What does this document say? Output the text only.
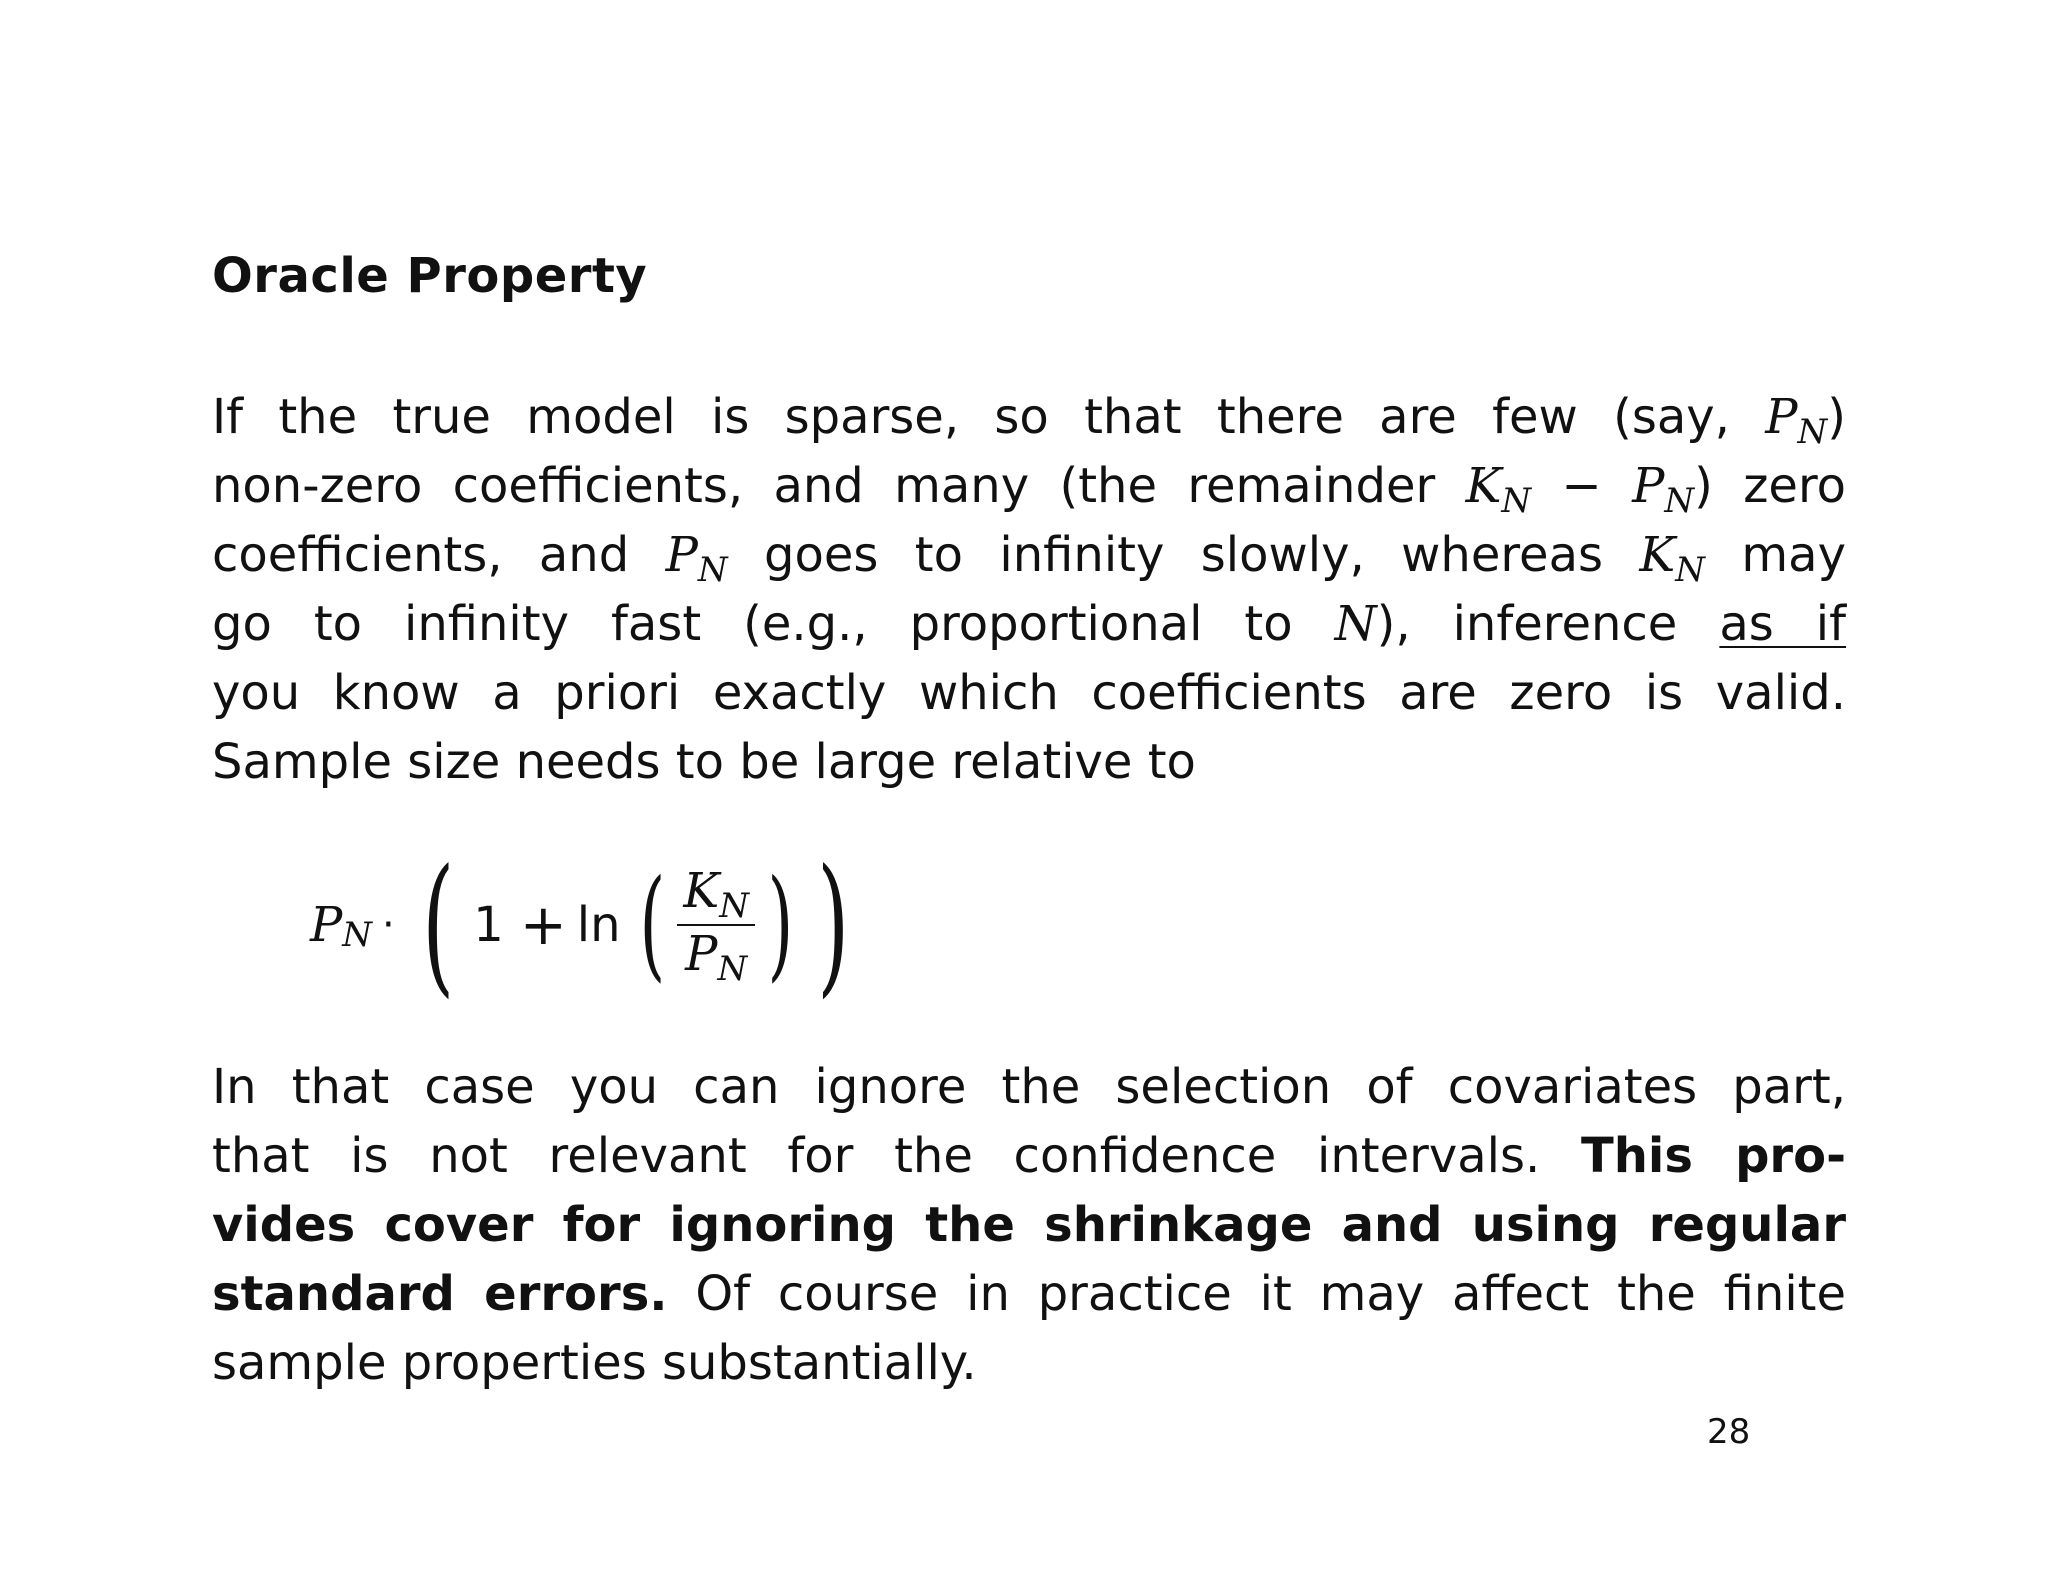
Oracle Property
If the true model is sparse, so that there are few (say, $P_N$)
non-zero coefficients, and many (the remainder $K_N - P_N$) zero
coefficients, and $P_N$ goes to infinity slowly, whereas $K_N$ may
go to infinity fast (e.g., proportional to N), inference as if
you know a priori exactly which coefficients are zero is valid.
Sample size needs to be large relative to
P N · ( 1 + ln ( $\frac{K_N}{P_N}$ ) )
In that case you can ignore the selection of covariates part,
that is not relevant for the confidence intervals. This pro-
vides cover for ignoring the shrinkage and using regular
standard errors. Of course in practice it may affect the finite
sample properties substantially.
28
